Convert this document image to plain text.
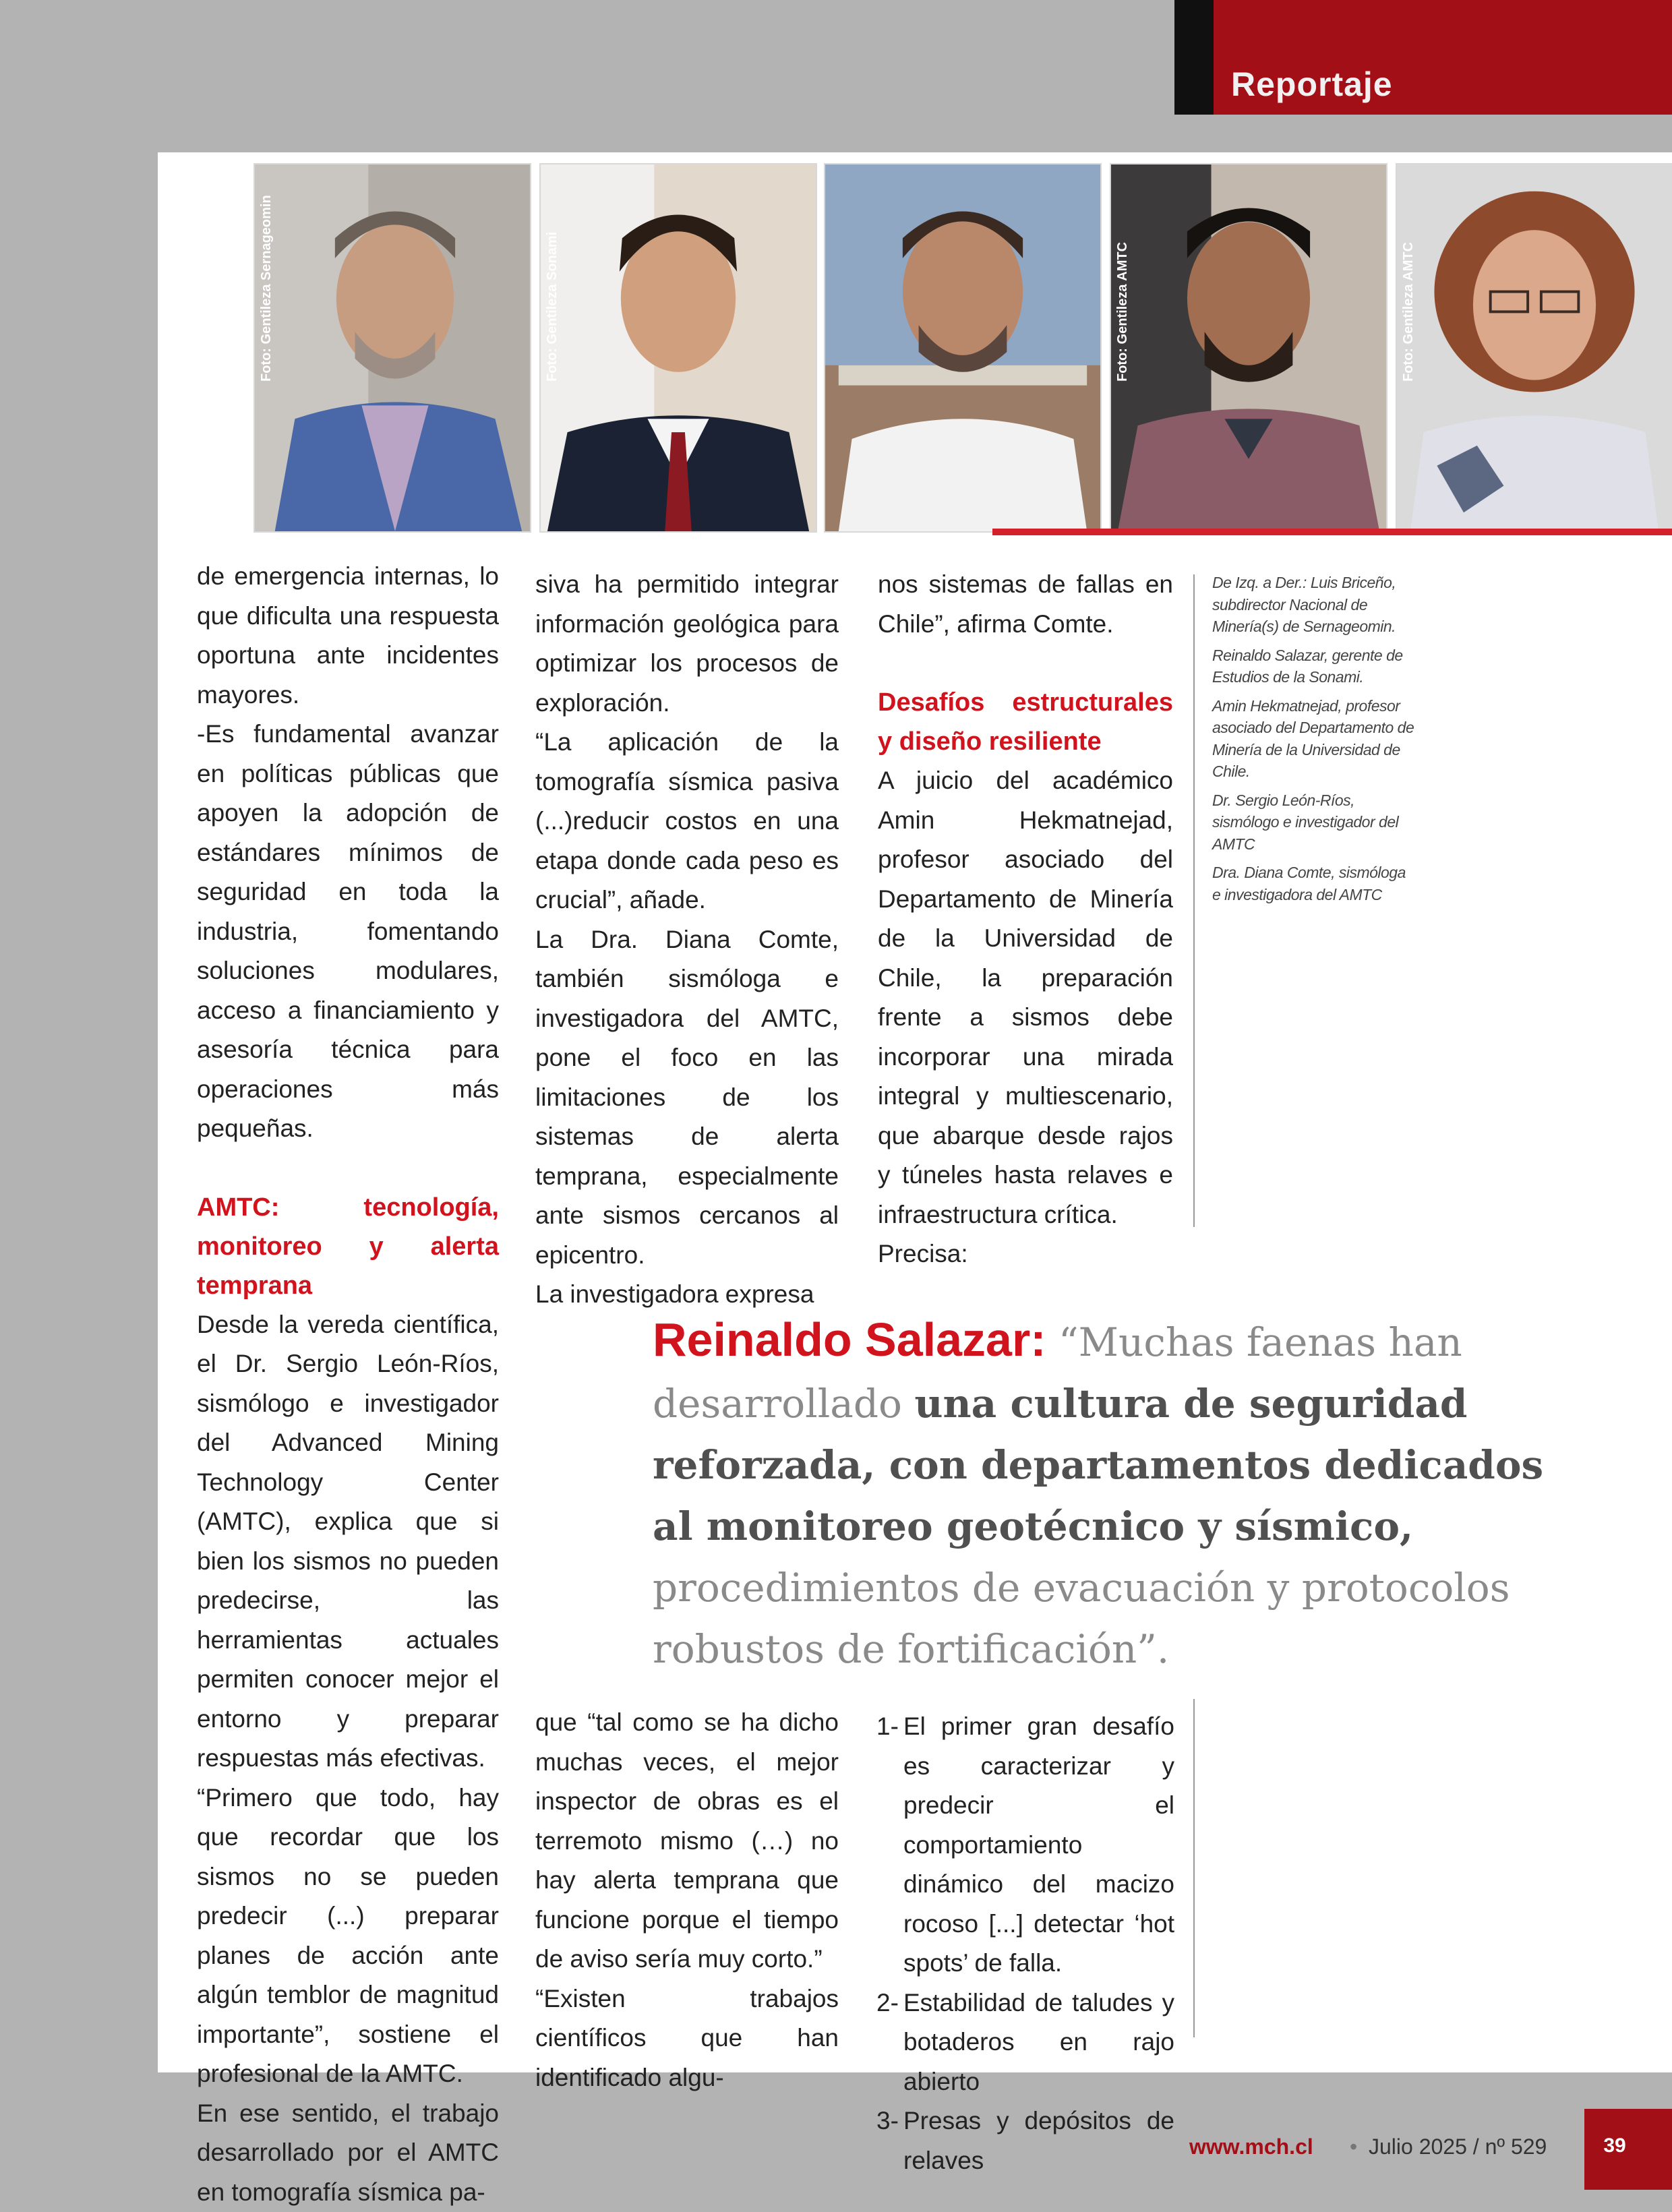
Reportaje
Foto: Gentileza Sernageomin	Foto: Gentileza Sonami	Foto: Gentileza AMTC	Foto: Gentileza AMTC

de emergencia internas, lo que dificulta una respuesta oportuna ante incidentes mayores.

-Es fundamental avanzar en políticas públicas que apoyen la adopción de estándares mínimos de seguridad en toda la industria, fomentando soluciones modulares, acceso a financiamiento y asesoría técnica para operaciones más pequeñas.

AMTC: tecnología, monitoreo y alerta temprana

Desde la vereda científica, el Dr. Sergio León-Ríos, sismólogo e investigador del Advanced Mining Technology Center (AMTC), explica que si bien los sismos no pueden predecirse, las herramientas actuales permiten conocer mejor el entorno y preparar respuestas más efectivas.

“Primero que todo, hay que recordar que los sismos no se pueden predecir (...) preparar planes de acción ante algún temblor de magnitud importante”, sostiene el profesional de la AMTC.

En ese sentido, el trabajo desarrollado por el AMTC en tomografía sísmica pa-

siva ha permitido integrar información geológica para optimizar los procesos de exploración.

“La aplicación de la tomografía sísmica pasiva (...)reducir costos en una etapa donde cada peso es crucial”, añade.

La Dra. Diana Comte, también sismóloga e investigadora del AMTC, pone el foco en las limitaciones de los sistemas de alerta temprana, especialmente ante sismos cercanos al epicentro.

La investigadora expresa

nos sistemas de fallas en Chile”, afirma Comte.

Desafíos estructurales y diseño resiliente

A juicio del académico Amin Hekmatnejad, profesor asociado del Departamento de Minería de la Universidad de Chile, la preparación frente a sismos debe incorporar una mirada integral y multiescenario, que abarque desde rajos y túneles hasta relaves e infraestructura crítica.

Precisa:

De Izq. a Der.: Luis Briceño, subdirector Nacional de Minería(s) de Sernageomin.

Reinaldo Salazar, gerente de Estudios de la Sonami.

Amin Hekmatnejad, profesor asociado del Departamento de Minería de la Universidad de Chile.

Dr. Sergio León-Ríos, sismólogo e investigador del AMTC

Dra. Diana Comte, sismóloga e investigadora del AMTC

Reinaldo Salazar: “Muchas faenas han desarrollado una cultura de seguridad reforzada, con departamentos dedicados al monitoreo geotécnico y sísmico, procedimientos de evacuación y protocolos robustos de fortificación”.

que “tal como se ha dicho muchas veces, el mejor inspector de obras es el terremoto mismo (…) no hay alerta temprana que funcione porque el tiempo de aviso sería muy corto.”

“Existen trabajos científicos que han identificado algu-

1- El primer gran desafío es caracterizar y predecir el comportamiento dinámico del macizo rocoso [...] detectar ‘hot spots’ de falla.
2- Estabilidad de taludes y botaderos en rajo abierto
3- Presas y depósitos de relaves	www.mch.cl • Julio 2025 / nº 529	39
